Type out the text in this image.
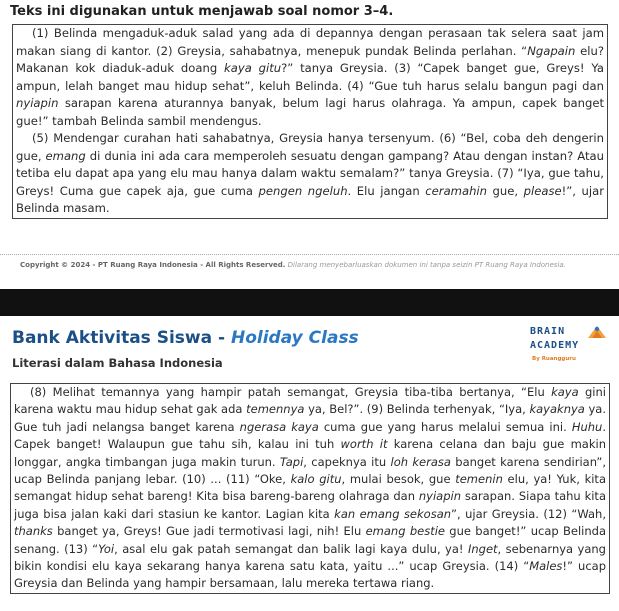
Teks ini digunakan untuk menjawab soal nomor 3–4.

(1) Belinda mengaduk-aduk salad yang ada di depannya dengan perasaan tak selera saat jam makan siang di kantor. (2) Greysia, sahabatnya, menepuk pundak Belinda perlahan. “Ngapain elu? Makanan kok diaduk-aduk doang kaya gitu?” tanya Greysia. (3) “Capek banget gue, Greys! Ya ampun, lelah banget mau hidup sehat”, keluh Belinda. (4) “Gue tuh harus selalu bangun pagi dan nyiapin sarapan karena aturannya banyak, belum lagi harus olahraga. Ya ampun, capek banget gue!” tambah Belinda sambil mendengus.

(5) Mendengar curahan hati sahabatnya, Greysia hanya tersenyum. (6) “Bel, coba deh dengerin gue, emang di dunia ini ada cara memperoleh sesuatu dengan gampang? Atau dengan instan? Atau tetiba elu dapat apa yang elu mau hanya dalam waktu semalam?” tanya Greysia. (7) “Iya, gue tahu, Greys! Cuma gue capek aja, gue cuma pengen ngeluh. Elu jangan ceramahin gue, please!”, ujar Belinda masam.

Copyright © 2024 - PT Ruang Raya Indonesia - All Rights Reserved. Dilarang menyebarluaskan dokumen ini tanpa seizin PT Ruang Raya Indonesia.
Bank Aktivitas Siswa - Holiday Class
Literasi dalam Bahasa Indonesia
BRAIN
ACADEMY
By Ruangguru

(8) Melihat temannya yang hampir patah semangat, Greysia tiba-tiba bertanya, “Elu kaya gini karena waktu mau hidup sehat gak ada temennya ya, Bel?”. (9) Belinda terhenyak, “Iya, kayaknya ya. Gue tuh jadi nelangsa banget karena ngerasa kaya cuma gue yang harus melalui semua ini. Huhu. Capek banget! Walaupun gue tahu sih, kalau ini tuh worth it karena celana dan baju gue makin longgar, angka timbangan juga makin turun. Tapi, capeknya itu loh kerasa banget karena sendirian”, ucap Belinda panjang lebar. (10) ... (11) “Oke, kalo gitu, mulai besok, gue temenin elu, ya! Yuk, kita semangat hidup sehat bareng! Kita bisa bareng-bareng olahraga dan nyiapin sarapan. Siapa tahu kita juga bisa jalan kaki dari stasiun ke kantor. Lagian kita kan emang sekosan”, ujar Greysia. (12) “Wah, thanks banget ya, Greys! Gue jadi termotivasi lagi, nih! Elu emang bestie gue banget!” ucap Belinda senang. (13) “Yoi, asal elu gak patah semangat dan balik lagi kaya dulu, ya! Inget, sebenarnya yang bikin kondisi elu kaya sekarang hanya karena satu kata, yaitu ...” ucap Greysia. (14) “Males!” ucap Greysia dan Belinda yang hampir bersamaan, lalu mereka tertawa riang.
